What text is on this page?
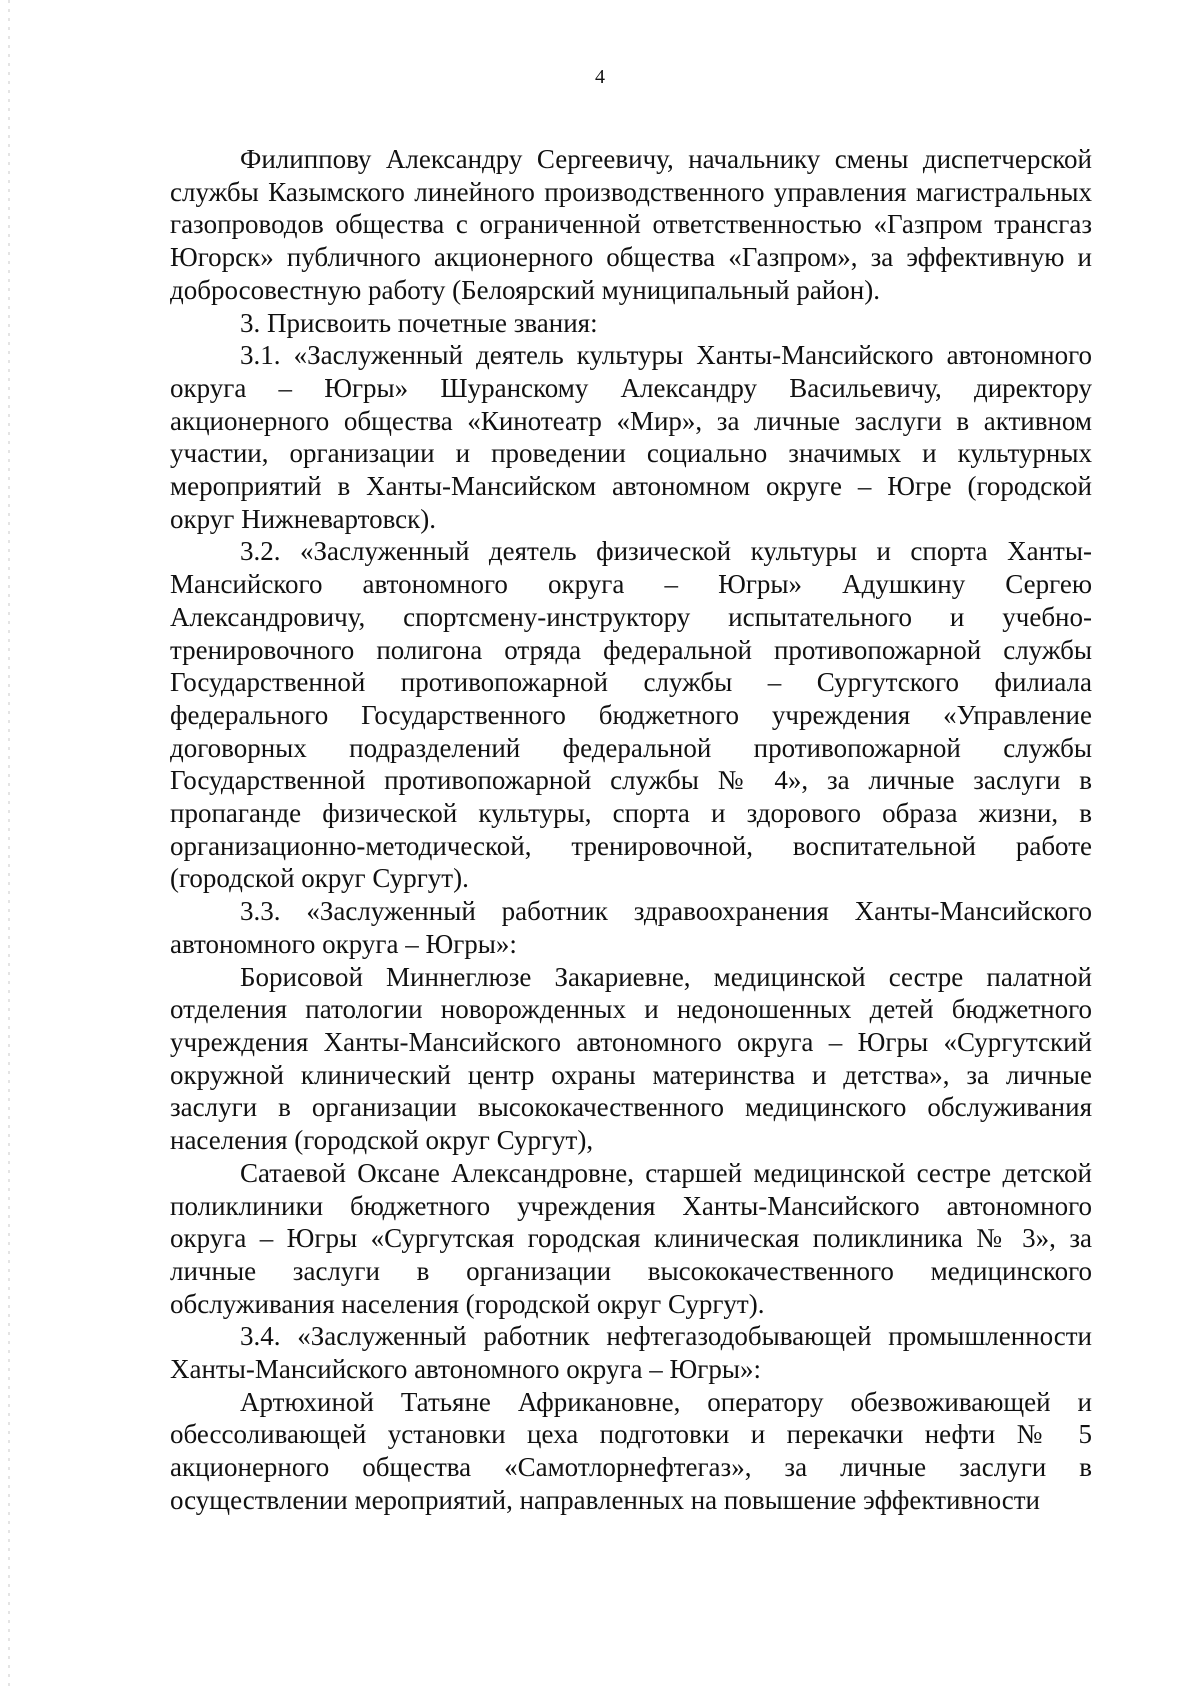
4

Филиппову Александру Сергеевичу, начальнику смены диспетчерской службы Казымского линейного производственного управления магистральных газопроводов общества с ограниченной ответственностью «Газпром трансгаз Югорск» публичного акционерного общества «Газпром», за эффективную и добросовестную работу (Белоярский муниципальный район).

3. Присвоить почетные звания:

3.1. «Заслуженный деятель культуры Ханты-Мансийского автономного округа – Югры» Шуранскому Александру Васильевичу, директору акционерного общества «Кинотеатр «Мир», за личные заслуги в активном участии, организации и проведении социально значимых и культурных мероприятий в Ханты-Мансийском автономном округе – Югре (городской округ Нижневартовск).

3.2. «Заслуженный деятель физической культуры и спорта Ханты-Мансийского автономного округа – Югры» Адушкину Сергею Александровичу, спортсмену-инструктору испытательного и учебно-тренировочного полигона отряда федеральной противопожарной службы Государственной противопожарной службы – Сургутского филиала федерального Государственного бюджетного учреждения «Управление договорных подразделений федеральной противопожарной службы Государственной противопожарной службы № 4», за личные заслуги в пропаганде физической культуры, спорта и здорового образа жизни, в организационно-методической, тренировочной, воспитательной работе (городской округ Сургут).

3.3. «Заслуженный работник здравоохранения Ханты-Мансийского автономного округа – Югры»:

Борисовой Миннеглюзе Закариевне, медицинской сестре палатной отделения патологии новорожденных и недоношенных детей бюджетного учреждения Ханты-Мансийского автономного округа – Югры «Сургутский окружной клинический центр охраны материнства и детства», за личные заслуги в организации высококачественного медицинского обслуживания населения (городской округ Сургут),

Сатаевой Оксане Александровне, старшей медицинской сестре детской поликлиники бюджетного учреждения Ханты-Мансийского автономного округа – Югры «Сургутская городская клиническая поликлиника № 3», за личные заслуги в организации высококачественного медицинского обслуживания населения (городской округ Сургут).

3.4. «Заслуженный работник нефтегазодобывающей промышленности Ханты-Мансийского автономного округа – Югры»:

Артюхиной Татьяне Африкановне, оператору обезвоживающей и обессоливающей установки цеха подготовки и перекачки нефти № 5 акционерного общества «Самотлорнефтегаз», за личные заслуги в осуществлении мероприятий, направленных на повышение эффективности
